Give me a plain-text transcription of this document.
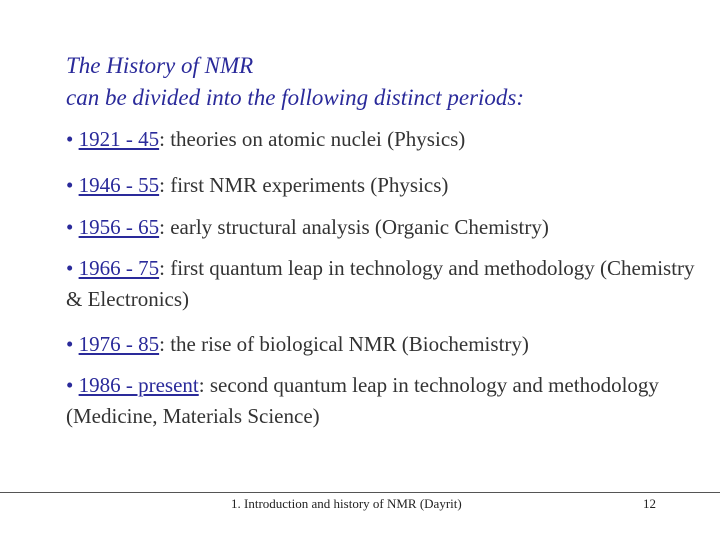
The History of NMR
can be divided into the following distinct periods:
• 1921 - 45: theories on atomic nuclei (Physics)
• 1946 - 55: first NMR experiments (Physics)
• 1956 - 65: early structural analysis (Organic Chemistry)
• 1966 - 75: first quantum leap in technology and methodology (Chemistry & Electronics)
• 1976 - 85: the rise of biological NMR (Biochemistry)
• 1986 - present: second quantum leap in technology and methodology (Medicine, Materials Science)
1. Introduction and history of NMR (Dayrit)	12
